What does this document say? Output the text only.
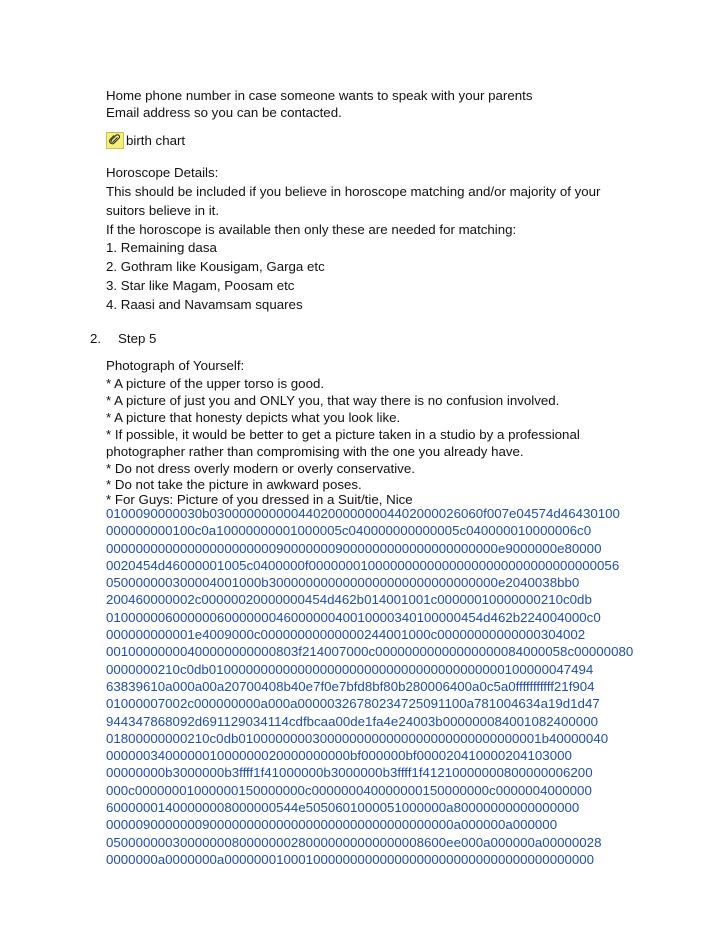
Home phone number in case someone wants to speak with your parents
Email address so you can be contacted.
birth chart
Horoscope Details:
This should be included if you believe in horoscope matching and/or majority of your
suitors believe in it.
If the horoscope is available then only these are needed for matching:
1. Remaining dasa
2. Gothram like Kousigam, Garga etc
3. Star like Magam, Poosam etc
4. Raasi and Navamsam squares
2. Step 5
Photograph of Yourself:
* A picture of the upper torso is good.
* A picture of just you and ONLY you, that way there is no confusion involved.
* A picture that honesty depicts what you look like.
* If possible, it would be better to get a picture taken in a studio by a professional
photographer rather than compromising with the one you already have.
* Do not dress overly modern or overly conservative.
* Do not take the picture in awkward poses.
* For Guys: Picture of you dressed in a Suit/tie, Nice
0100090000030b0300000000004402000000004402000026060f007e04574d46430100
000000000100c0a10000000001000005c040000000000005c040000010000006c0
00000000000000000000000900000009000000000000000000000e9000000e80000
0020454d46000001005c0400000f000000010000000000000000000000000000000056
050000000300004001000b3000000000000000000000000000000e2040038bb0
200460000002c00000020000000454d462b014001001c00000010000000210c0db
010000006000000600000004600000040010000340100000454d462b224004000c0
000000000001e4009000c00000000000000244001000c00000000000000304002
00100000000400000000000803f214007000c00000000000000000084000058c00000080
0000000210c0db0100000000000000000000000000000000000000100000047494
63839610a000a00a20700408b40e7f0e7bfd8bf80b280006400a0c5a0fffffffffff21f904
01000007002c000000000a000a00000326780234725091100a781004634a19d1d47
944347868092d691129034114cdfbcaa00de1fa4e24003b000000084001082400000
01800000000210c0db01000000003000000000000000000000000000001b40000040
000000340000001000000020000000000bf000000bf000020410000204103000
00000000b3000000b3ffff1f41000000b3000000b3ffff1f41210000000800000006200
000c00000001000000150000000c000000040000000150000000c0000004000000
60000001400000008000000544e5050601000051000000a80000000000000000
00000900000009000000000000000000000000000000000a000000a000000
0500000003000000080000000280000000000000008600ee000a000000a00000028
0000000a0000000a00000001000100000000000000000000000000000000000000
